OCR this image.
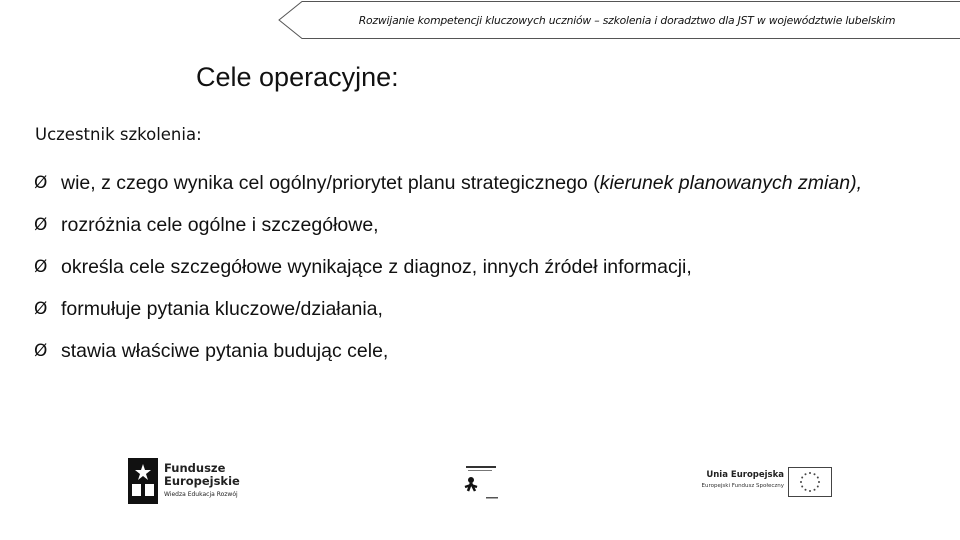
Rozwijanie kompetencji kluczowych uczniów – szkolenia i doradztwo dla JST w województwie lubelskim
Cele operacyjne:

Uczestnik szkolenia:

Ø wie, z czego wynika cel ogólny/priorytet planu strategicznego (kierunek planowanych zmian),
Ø rozróżnia cele ogólne i szczegółowe,
Ø określa cele szczegółowe wynikające z diagnoz, innych źródeł informacji,
Ø formułuje pytania kluczowe/działania,
Ø stawia właściwe pytania budując cele,
Fundusze
Europejskie
Wiedza Edukacja Rozwój
Unia Europejska
Europejski Fundusz Społeczny
